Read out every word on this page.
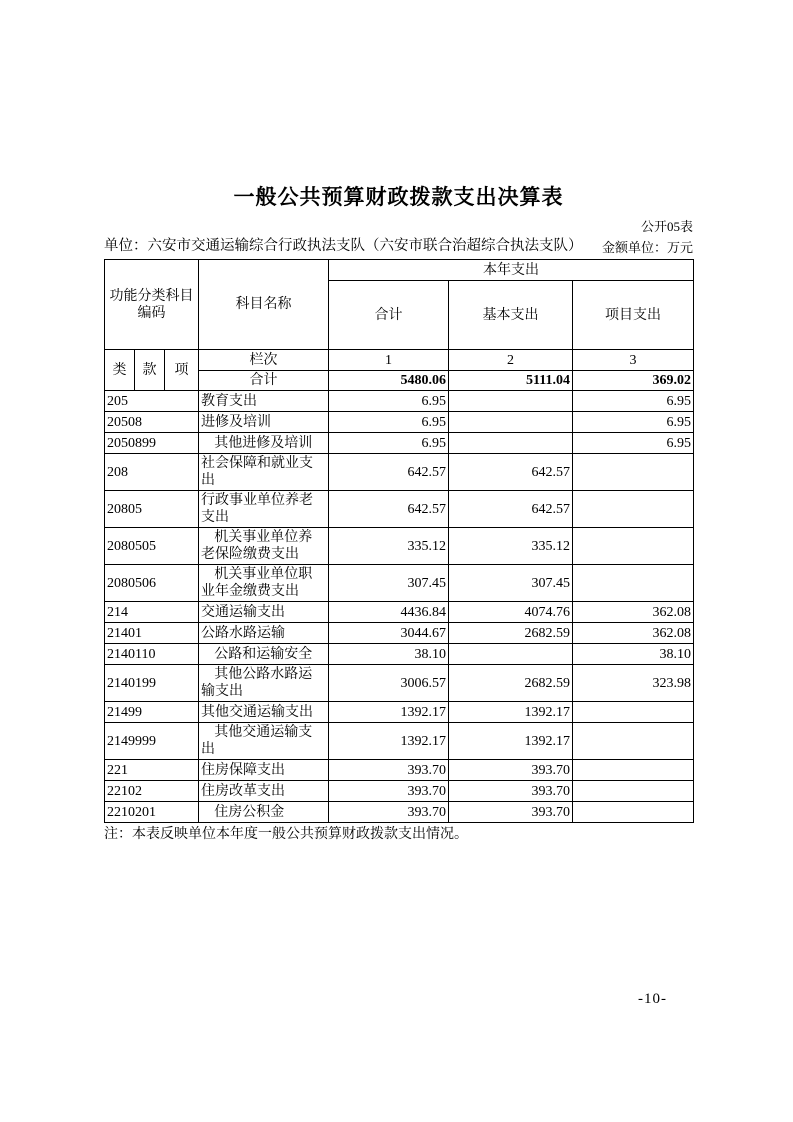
一般公共预算财政拨款支出决算表
公开05表
单位：六安市交通运输综合行政执法支队（六安市联合治超综合执法支队） 金额单位：万元
功能分类科目编码			科目名称	本年支出		
				合计	基本支出	项目支出
类	款	项	栏次	1	2	3
			合计	5480.06	5111.04	369.02
205			教育支出	6.95		6.95
20508			进修及培训	6.95		6.95
2050899			其他进修及培训	6.95		6.95
208			社会保障和就业支出	642.57	642.57	
20805			行政事业单位养老支出	642.57	642.57	
2080505			机关事业单位养老保险缴费支出	335.12	335.12	
2080506			机关事业单位职业年金缴费支出	307.45	307.45	
214			交通运输支出	4436.84	4074.76	362.08
21401			公路水路运输	3044.67	2682.59	362.08
2140110			公路和运输安全	38.10		38.10
2140199			其他公路水路运输支出	3006.57	2682.59	323.98
21499			其他交通运输支出	1392.17	1392.17	
2149999			其他交通运输支出	1392.17	1392.17	
221			住房保障支出	393.70	393.70	
22102			住房改革支出	393.70	393.70	
2210201			住房公积金	393.70	393.70	
注：本表反映单位本年度一般公共预算财政拨款支出情况。
-10-
